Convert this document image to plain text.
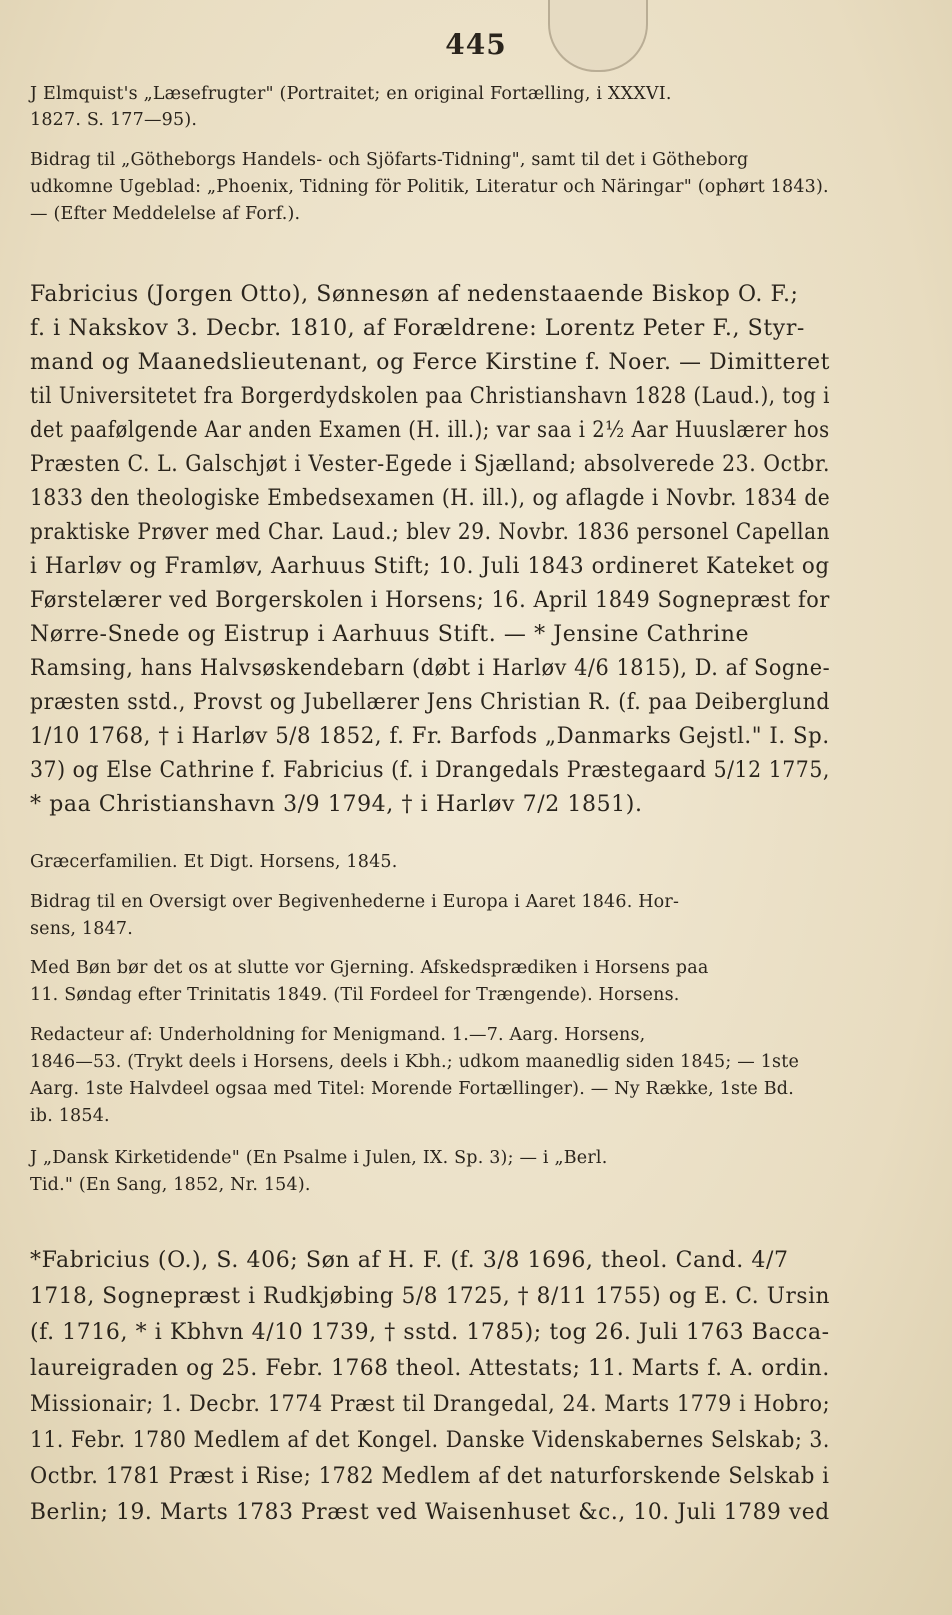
445
J Elmquist's „Læsefrugter" (Portraitet; en original Fortælling, i XXXVI.
1827. S. 177—95).
Bidrag til „Götheborgs Handels- och Sjöfarts-Tidning", samt til det i Götheborg
udkomne Ugeblad: „Phoenix, Tidning för Politik, Literatur och Näringar" (ophørt 1843).
— (Efter Meddelelse af Forf.).
Fabricius (Jorgen Otto), Sønnesøn af nedenstaaende Biskop O. F.;
f. i Nakskov 3. Decbr. 1810, af Forældrene: Lorentz Peter F., Styr-
mand og Maanedslieutenant, og Ferce Kirstine f. Noer. — Dimitteret
til Universitetet fra Borgerdydskolen paa Christianshavn 1828 (Laud.), tog i
det paafølgende Aar anden Examen (H. ill.); var saa i 2½ Aar Huuslærer hos
Præsten C. L. Galschjøt i Vester-Egede i Sjælland; absolverede 23. Octbr.
1833 den theologiske Embedsexamen (H. ill.), og aflagde i Novbr. 1834 de
praktiske Prøver med Char. Laud.; blev 29. Novbr. 1836 personel Capellan
i Harløv og Framløv, Aarhuus Stift; 10. Juli 1843 ordineret Kateket og
Førstelærer ved Borgerskolen i Horsens; 16. April 1849 Sognepræst for
Nørre-Snede og Eistrup i Aarhuus Stift. — * Jensine Cathrine
Ramsing, hans Halvsøskendebarn (døbt i Harløv 4/6 1815), D. af Sogne-
præsten sstd., Provst og Jubellærer Jens Christian R. (f. paa Deiberglund
1/10 1768, † i Harløv 5/8 1852, f. Fr. Barfods „Danmarks Gejstl." I. Sp.
37) og Else Cathrine f. Fabricius (f. i Drangedals Præstegaard 5/12 1775,
* paa Christianshavn 3/9 1794, † i Harløv 7/2 1851).
Græcerfamilien. Et Digt. Horsens, 1845.
Bidrag til en Oversigt over Begivenhederne i Europa i Aaret 1846. Hor-
sens, 1847.
Med Bøn bør det os at slutte vor Gjerning. Afskedsprædiken i Horsens paa
11. Søndag efter Trinitatis 1849. (Til Fordeel for Trængende). Horsens.
Redacteur af: Underholdning for Menigmand. 1.—7. Aarg. Horsens,
1846—53. (Trykt deels i Horsens, deels i Kbh.; udkom maanedlig siden 1845; — 1ste
Aarg. 1ste Halvdeel ogsaa med Titel: Morende Fortællinger). — Ny Række, 1ste Bd.
ib. 1854.
J „Dansk Kirketidende" (En Psalme i Julen, IX. Sp. 3); — i „Berl.
Tid." (En Sang, 1852, Nr. 154).
*Fabricius (O.), S. 406; Søn af H. F. (f. 3/8 1696, theol. Cand. 4/7
1718, Sognepræst i Rudkjøbing 5/8 1725, † 8/11 1755) og E. C. Ursin
(f. 1716, * i Kbhvn 4/10 1739, † sstd. 1785); tog 26. Juli 1763 Bacca-
laureigraden og 25. Febr. 1768 theol. Attestats; 11. Marts f. A. ordin.
Missionair; 1. Decbr. 1774 Præst til Drangedal, 24. Marts 1779 i Hobro;
11. Febr. 1780 Medlem af det Kongel. Danske Videnskabernes Selskab; 3.
Octbr. 1781 Præst i Rise; 1782 Medlem af det naturforskende Selskab i
Berlin; 19. Marts 1783 Præst ved Waisenhuset &c., 10. Juli 1789 ved
